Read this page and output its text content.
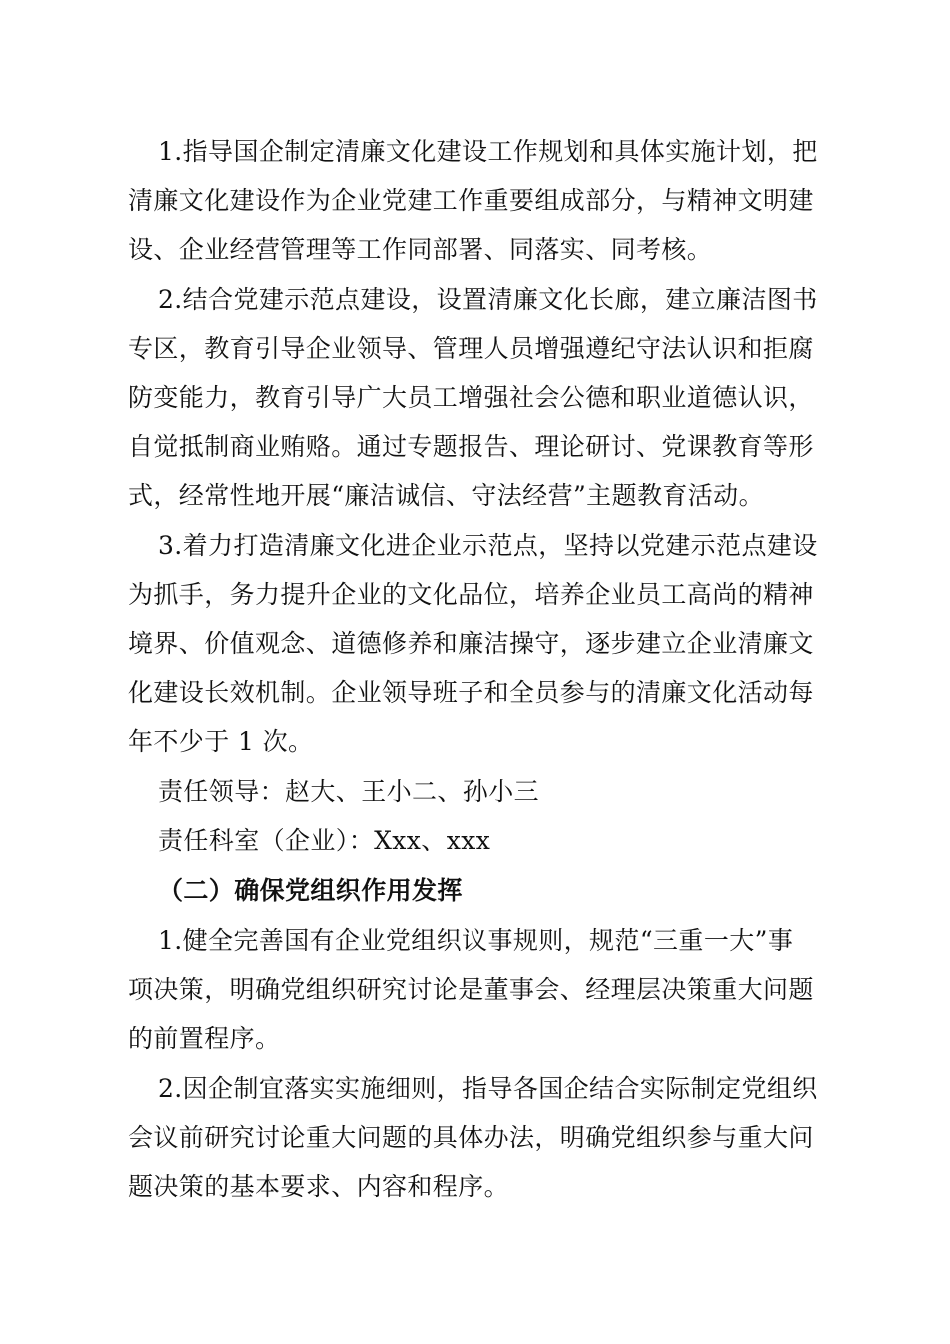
1.指导国企制定清廉文化建设工作规划和具体实施计划，把
清廉文化建设作为企业党建工作重要组成部分，与精神文明建
设、企业经营管理等工作同部署、同落实、同考核。
2.结合党建示范点建设，设置清廉文化长廊，建立廉洁图书
专区，教育引导企业领导、管理人员增强遵纪守法认识和拒腐
防变能力，教育引导广大员工增强社会公德和职业道德认识，
自觉抵制商业贿赂。通过专题报告、理论研讨、党课教育等形
式，经常性地开展“廉洁诚信、守法经营”主题教育活动。
3.着力打造清廉文化进企业示范点，坚持以党建示范点建设
为抓手，务力提升企业的文化品位，培养企业员工高尚的精神
境界、价值观念、道德修养和廉洁操守，逐步建立企业清廉文
化建设长效机制。企业领导班子和全员参与的清廉文化活动每
年不少于 1 次。
责任领导：赵大、王小二、孙小三
责任科室（企业）：Xxx、xxx
（二）确保党组织作用发挥
1.健全完善国有企业党组织议事规则，规范“三重一大”事
项决策，明确党组织研究讨论是董事会、经理层决策重大问题
的前置程序。
2.因企制宜落实实施细则，指导各国企结合实际制定党组织
会议前研究讨论重大问题的具体办法，明确党组织参与重大问
题决策的基本要求、内容和程序。
